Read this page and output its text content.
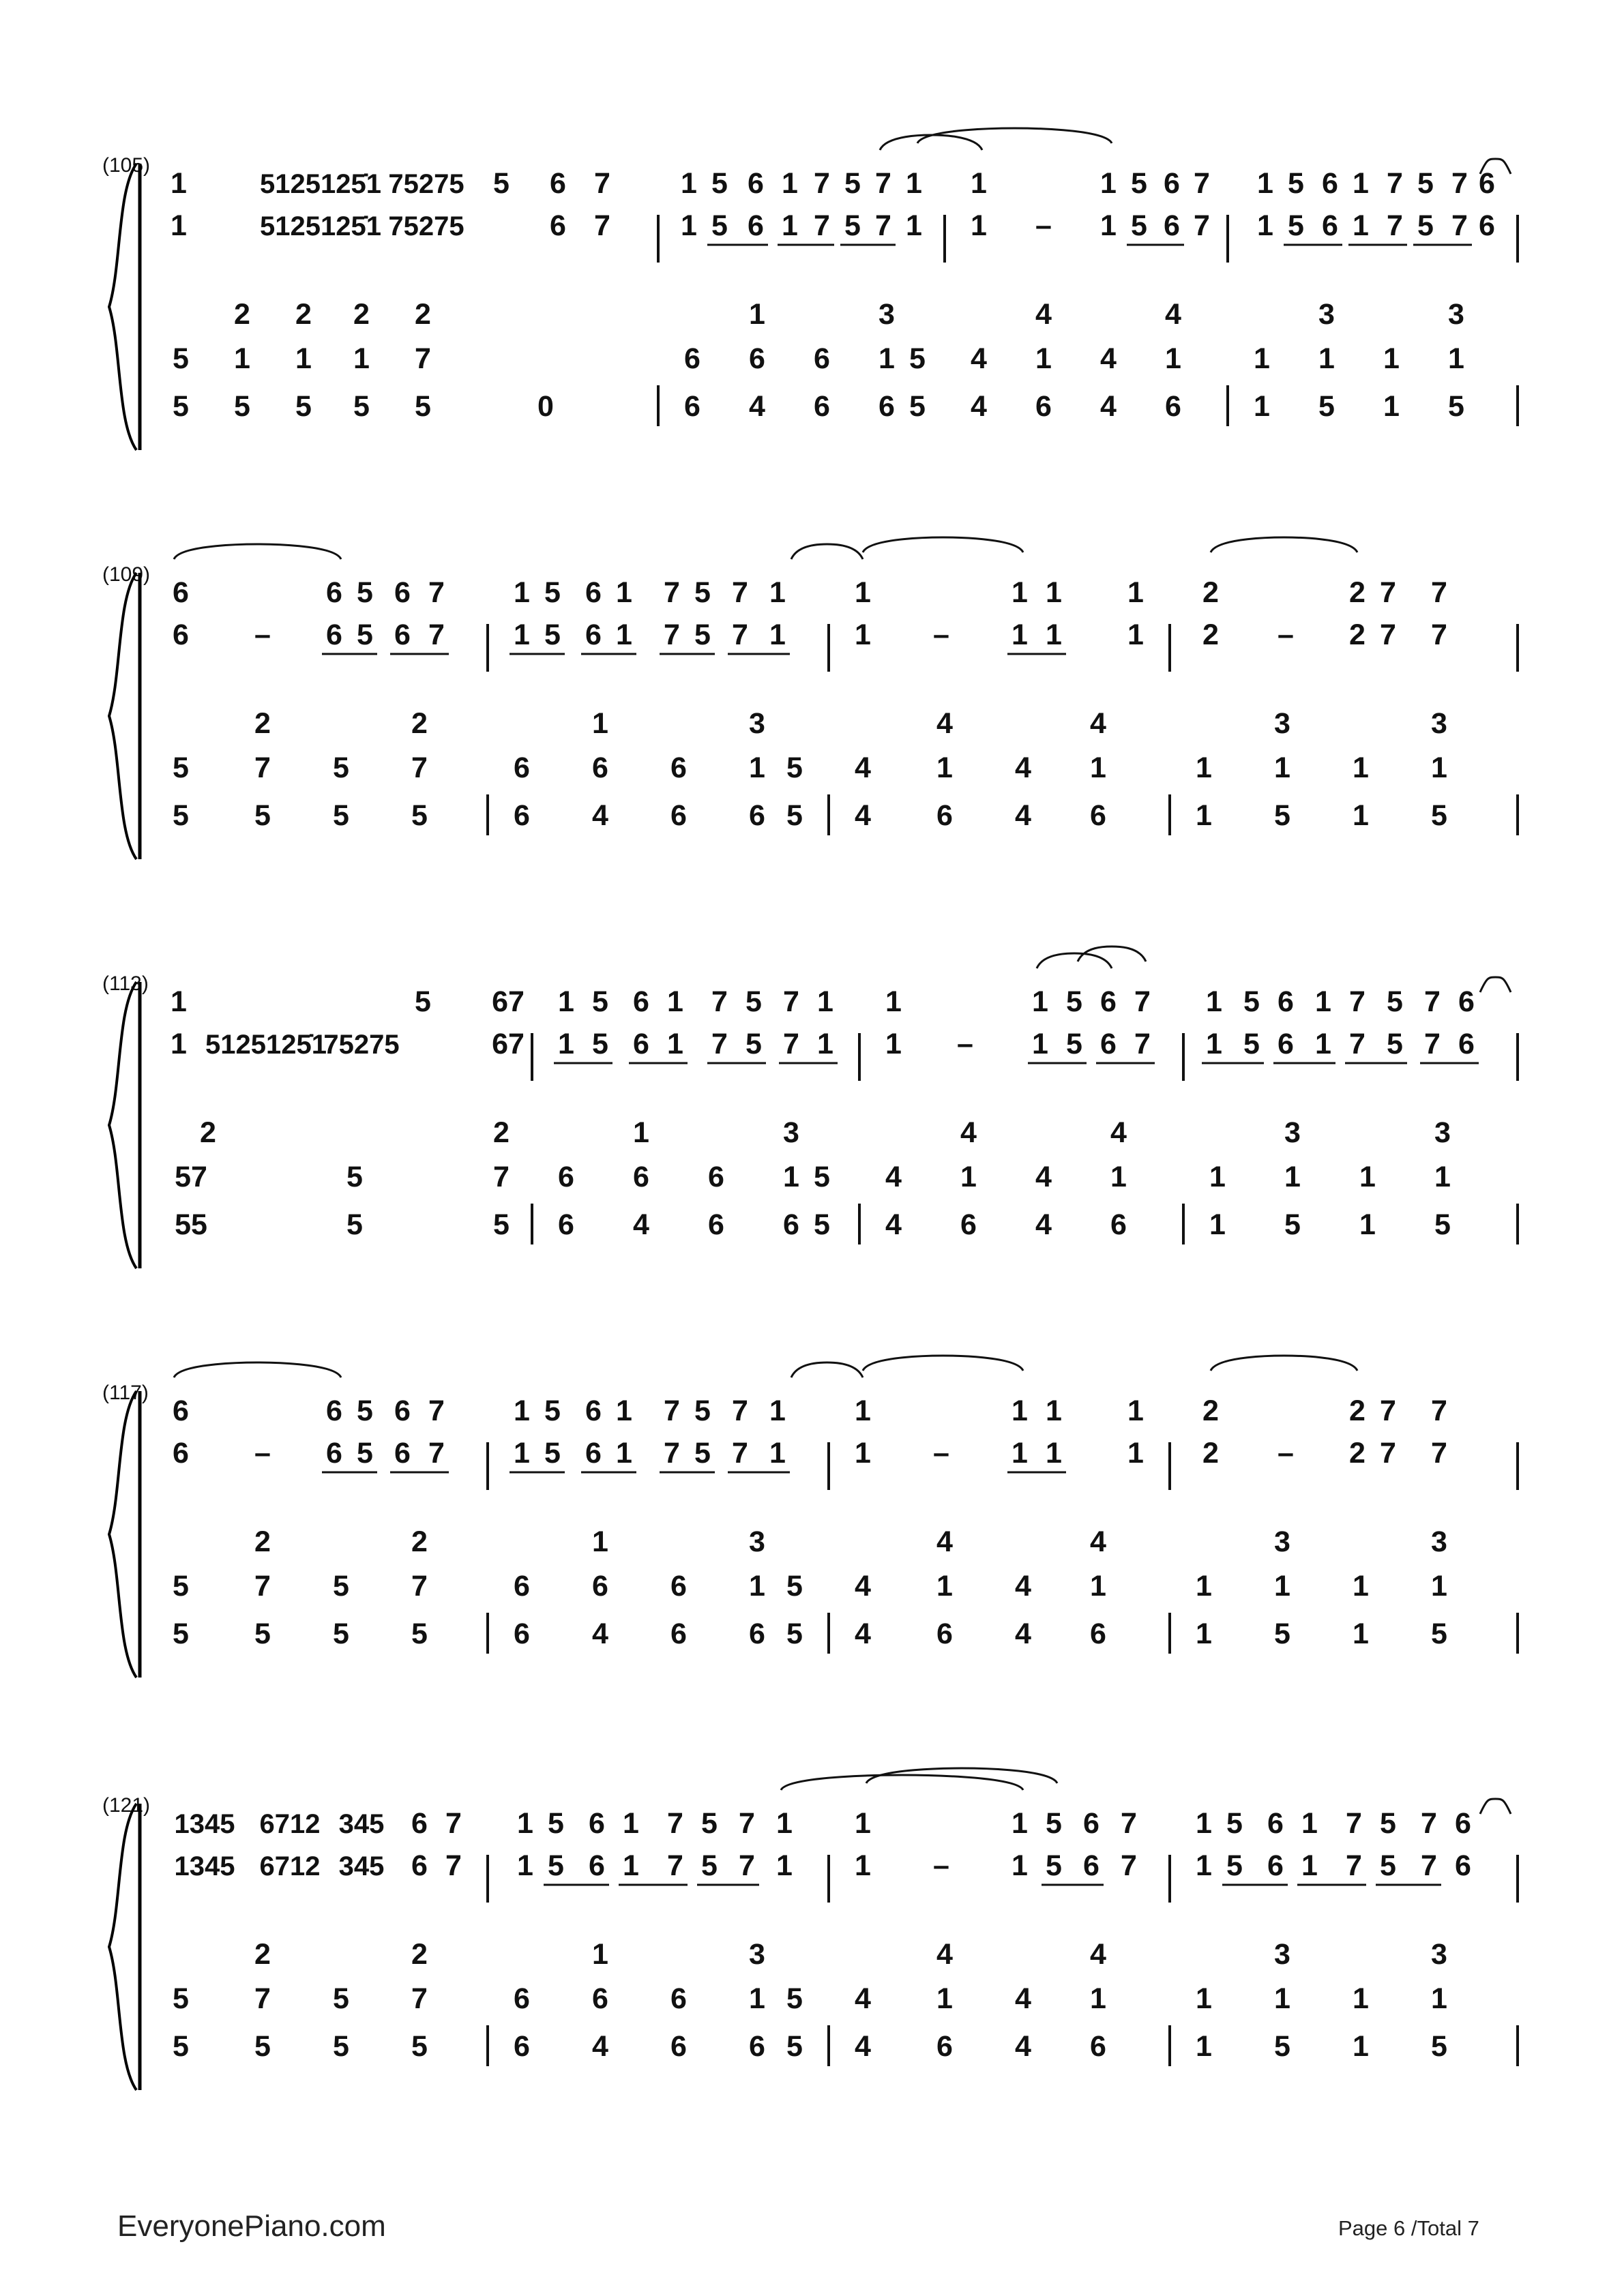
(105)
1	5125125̇1 75275 5 6 7 1 5 6 1 7 5 7 1 1	1 5 6 7 1 5 6 1 7 5 7 6
1	5125125̇1 75275	6 7 1 5 6 1 7 5 7 1 1 – 1 5 6 7 1 5 6 1 7 5 7 6
2 2 2 2	1	3	4	4	3	3
5 1 1 1 7	6 6 6 1 5 4 1 4 1 1 1 1 1
5 5 5 5 5	0	6 4 6 6 5 4 6 4 6 1 5 1 5
(109)
6	6 5 6 7 1 5 6 1 7 5 7 1 1	1 1 1 2	2 7 7
6 – 6 5 6 7 1 5 6 1 7 5 7 1 1 – 1 1 1 2 – 2 7 7
2	2	1	3	4	4	3	3
5 7 5 7	6 6 6 1 5 4 1 4 1	1 1 1 1
5 5 5 5	6 4 6 6 5 4 6 4 6	1 5 1 5
(113)
1	5 67 1 5 6 1 7 5 7 1 1	1 5 6 7 1 5 6 1 7 5 7 6
1 5125125̇1
75275	67 1 5 6 1 7 5 7 1 1 – 1 5 6 7 1 5 6 1 7 5 7 6
2	2	1	3	4	4	3	3
57	5	7 6 6 6 1 5 4 1 4 1	1 1 1 1
55	5	5 6 4 6 6 5 4 6 4 6	1 5 1 5
(117)
6	6 5 6 7 1 5 6 1 7 5 7 1 1	1 1 1 2	2 7 7
6 – 6 5 6 7 1 5 6 1 7 5 7 1 1 – 1 1 1 2 – 2 7 7
2	2	1	3	4	4	3	3
5 7 5 7	6 6 6 1 5 4 1 4 1	1 1 1 1
5 5 5 5	6 4 6 6 5 4 6 4 6	1 5 1 5
(121)
1345 6712 345 6 7 1 5 6 1 7 5 7 1 1	1 5 6 7 1 5 6 1 7 5 7 6
1345 6712 345 6 7 1 5 6 1 7 5 7 1 1 – 1 5 6 7 1 5 6 1 7 5 7 6
2	2	1	3	4	4	3	3
5 7 5 7	6 6 6 1 5 4 1 4 1	1 1 1 1
5 5 5 5	6 4 6 6 5 4 6 4 6	1 5 1 5
EveryonePiano.com	Page 6 /Total 7
